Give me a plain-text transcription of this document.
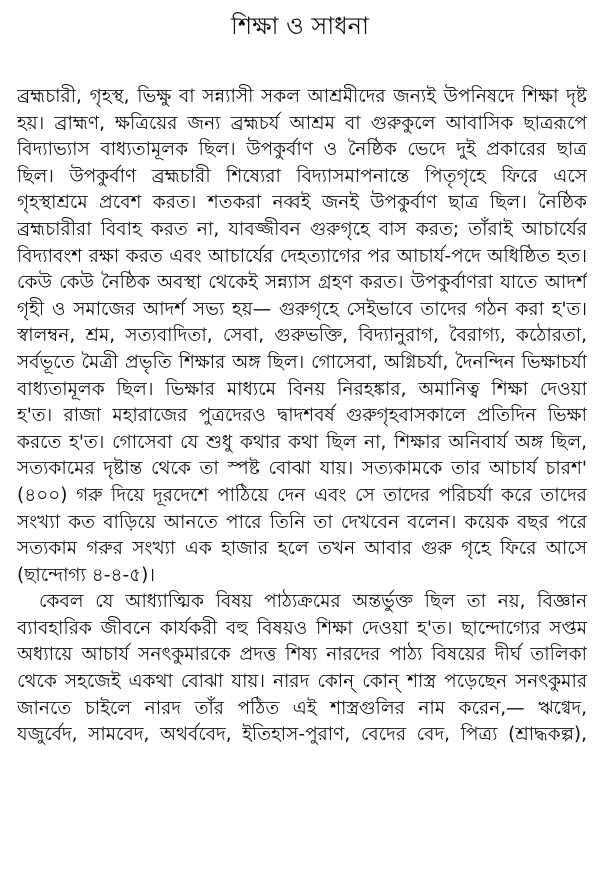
শিক্ষা ও সাধনা
ব্রহ্মচারী, গৃহস্থ, ভিক্ষু বা সন্ন্যাসী সকল আশ্রমীদের জন্যই উপনিষদে শিক্ষা দৃষ্ট
হয়। ব্রাহ্মণ, ক্ষত্রিয়ের জন্য ব্রহ্মচর্য আশ্রম বা গুরুকুলে আবাসিক ছাত্ররূপে
বিদ্যাভ্যাস বাধ্যতামূলক ছিল। উপকুর্বাণ ও নৈষ্ঠিক ভেদে দুই প্রকারের ছাত্র
ছিল। উপকুর্বাণ ব্রহ্মচারী শিষ্যেরা বিদ্যাসমাপনান্তে পিতৃগৃহে ফিরে এসে
গৃহস্থাশ্রমে প্রবেশ করত। শতকরা নব্বই জনই উপকুর্বাণ ছাত্র ছিল। নৈষ্ঠিক
ব্রহ্মচারীরা বিবাহ করত না, যাবজ্জীবন গুরুগৃহে বাস করত; তাঁরাই আচার্যের
বিদ্যাবংশ রক্ষা করত এবং আচার্যের দেহত্যাগের পর আচার্য-পদে অধিষ্ঠিত হত।
কেউ কেউ নৈষ্ঠিক অবস্থা থেকেই সন্ন্যাস গ্রহণ করত। উপকুর্বাণরা যাতে আদর্শ
গৃহী ও সমাজের আদর্শ সভ্য হয়— গুরুগৃহে সেইভাবে তাদের গঠন করা হ'ত।
স্বালম্বন, শ্রম, সত্যবাদিতা, সেবা, গুরুভক্তি, বিদ্যানুরাগ, বৈরাগ্য, কঠোরতা,
সর্বভূতে মৈত্রী প্রভৃতি শিক্ষার অঙ্গ ছিল। গোসেবা, অগ্নিচর্যা, দৈনন্দিন ভিক্ষাচর্যা
বাধ্যতামূলক ছিল। ভিক্ষার মাধ্যমে বিনয় নিরহঙ্কার, অমানিত্ব শিক্ষা দেওয়া
হ'ত। রাজা মহারাজের পুত্রদেরও দ্বাদশবর্ষ গুরুগৃহবাসকালে প্রতিদিন ভিক্ষা
করতে হ'ত। গোসেবা যে শুধু কথার কথা ছিল না, শিক্ষার অনিবার্য অঙ্গ ছিল,
সত্যকামের দৃষ্টান্ত থেকে তা স্পষ্ট বোঝা যায়। সত্যকামকে তার আচার্য চারশ'
(৪০০) গরু দিয়ে দূরদেশে পাঠিয়ে দেন এবং সে তাদের পরিচর্যা করে তাদের
সংখ্যা কত বাড়িয়ে আনতে পারে তিনি তা দেখবেন বলেন। কয়েক বছর পরে
সত্যকাম গরুর সংখ্যা এক হাজার হলে তখন আবার গুরু গৃহে ফিরে আসে
(ছান্দোগ্য ৪-৪-৫)।
কেবল যে আধ্যাত্মিক বিষয় পাঠ্যক্রমের অন্তর্ভুক্ত ছিল তা নয়, বিজ্ঞান
ব্যাবহারিক জীবনে কার্যকরী বহু বিষয়ও শিক্ষা দেওয়া হ'ত। ছান্দোগ্যের সপ্তম
অধ্যায়ে আচার্য সনৎকুমারকে প্রদত্ত শিষ্য নারদের পাঠ্য বিষয়ের দীর্ঘ তালিকা
থেকে সহজেই একথা বোঝা যায়। নারদ কোন্ কোন্ শাস্ত্র পড়েছেন সনৎকুমার
জানতে চাইলে নারদ তাঁর পঠিত এই শাস্ত্রগুলির নাম করেন,— ঋগ্বেদ,
যজুর্বেদ, সামবেদ, অথর্ববেদ, ইতিহাস-পুরাণ, বেদের বেদ, পিত্র্য (শ্রাদ্ধকল্প),
